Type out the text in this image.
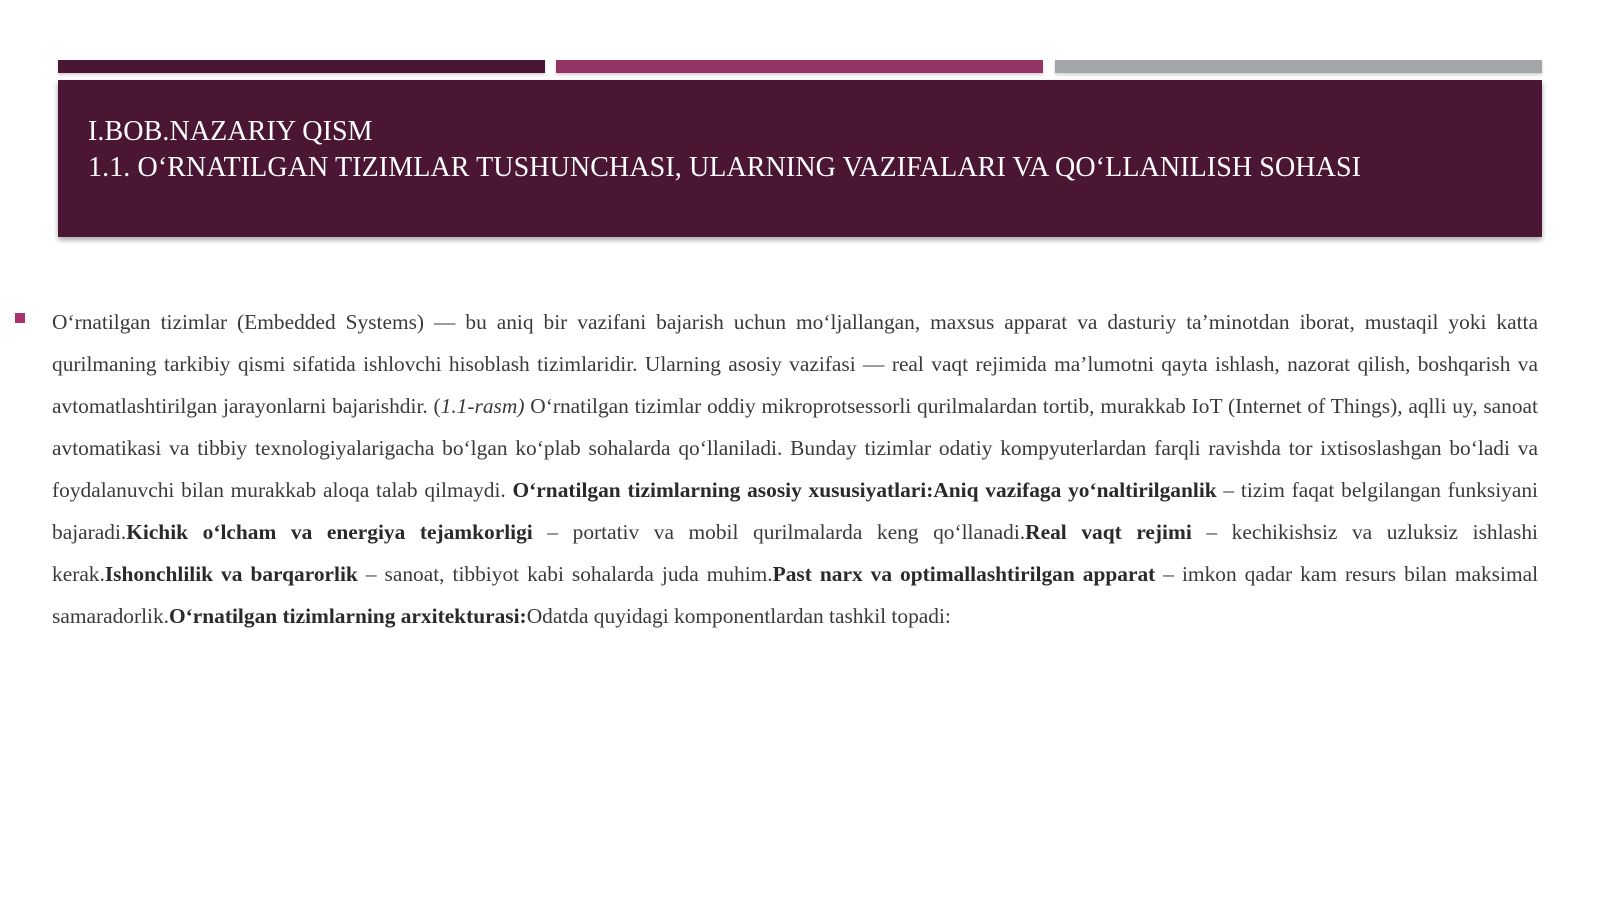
I.BOB.NAZARIY QISM
1.1. O‘RNATILGAN TIZIMLAR TUSHUNCHASI, ULARNING VAZIFALARI VA QO‘LLANILISH SOHASI
O‘rnatilgan tizimlar (Embedded Systems) — bu aniq bir vazifani bajarish uchun mo‘ljallangan, maxsus apparat va dasturiy ta’minotdan iborat, mustaqil yoki katta qurilmaning tarkibiy qismi sifatida ishlovchi hisoblash tizimlaridir. Ularning asosiy vazifasi — real vaqt rejimida ma’lumotni qayta ishlash, nazorat qilish, boshqarish va avtomatlashtirilgan jarayonlarni bajarishdir. (1.1-rasm) O‘rnatilgan tizimlar oddiy mikroprotsessorli qurilmalardan tortib, murakkab IoT (Internet of Things), aqlli uy, sanoat avtomatikasi va tibbiy texnologiyalarigacha bo‘lgan ko‘plab sohalarda qo‘llaniladi. Bunday tizimlar odatiy kompyuterlardan farqli ravishda tor ixtisoslashgan bo‘ladi va foydalanuvchi bilan murakkab aloqa talab qilmaydi. O‘rnatilgan tizimlarning asosiy xususiyatlari:Aniq vazifaga yo‘naltirilganlik – tizim faqat belgilangan funksiyani bajaradi.Kichik o‘lcham va energiya tejamkorligi – portativ va mobil qurilmalarda keng qo‘llanadi.Real vaqt rejimi – kechikishsiz va uzluksiz ishlashi kerak.Ishonchlilik va barqarorlik – sanoat, tibbiyot kabi sohalarda juda muhim.Past narx va optimallashtirilgan apparat – imkon qadar kam resurs bilan maksimal samaradorlik.O‘rnatilgan tizimlarning arxitekturasi:Odatda quyidagi komponentlardan tashkil topadi:
